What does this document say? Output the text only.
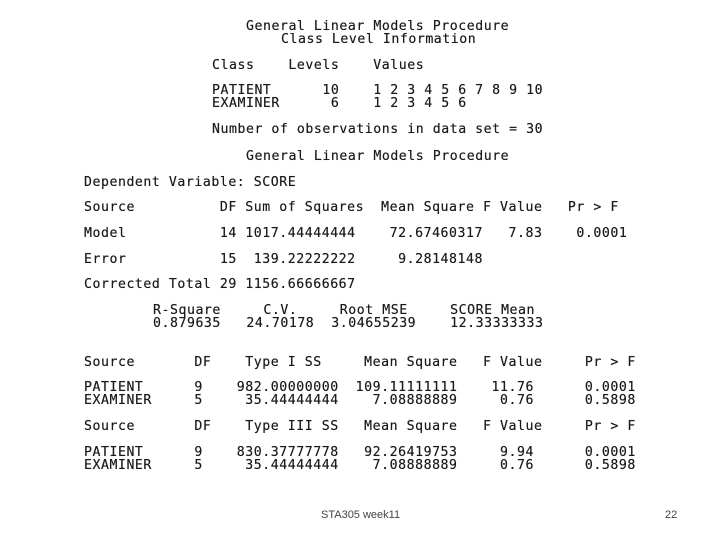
General Linear Models Procedure
Class Level Information
Class    Levels    Values
PATIENT      10    1 2 3 4 5 6 7 8 9 10
EXAMINER      6    1 2 3 4 5 6
Number of observations in data set = 30
General Linear Models Procedure
Dependent Variable: SCORE
Source          DF Sum of Squares  Mean Square F Value   Pr > F
Model           14 1017.44444444    72.67460317   7.83    0.0001
Error           15  139.22222222     9.28148148
Corrected Total 29 1156.66666667
R-Square     C.V.     Root MSE     SCORE Mean
0.879635   24.70178  3.04655239    12.33333333
Source       DF    Type I SS     Mean Square   F Value     Pr > F
PATIENT      9    982.00000000  109.11111111    11.76      0.0001
EXAMINER     5     35.44444444    7.08888889     0.76      0.5898
Source       DF    Type III SS   Mean Square   F Value     Pr > F
PATIENT      9    830.37777778   92.26419753     9.94      0.0001
EXAMINER     5     35.44444444    7.08888889     0.76      0.5898
STA305 week11	22
